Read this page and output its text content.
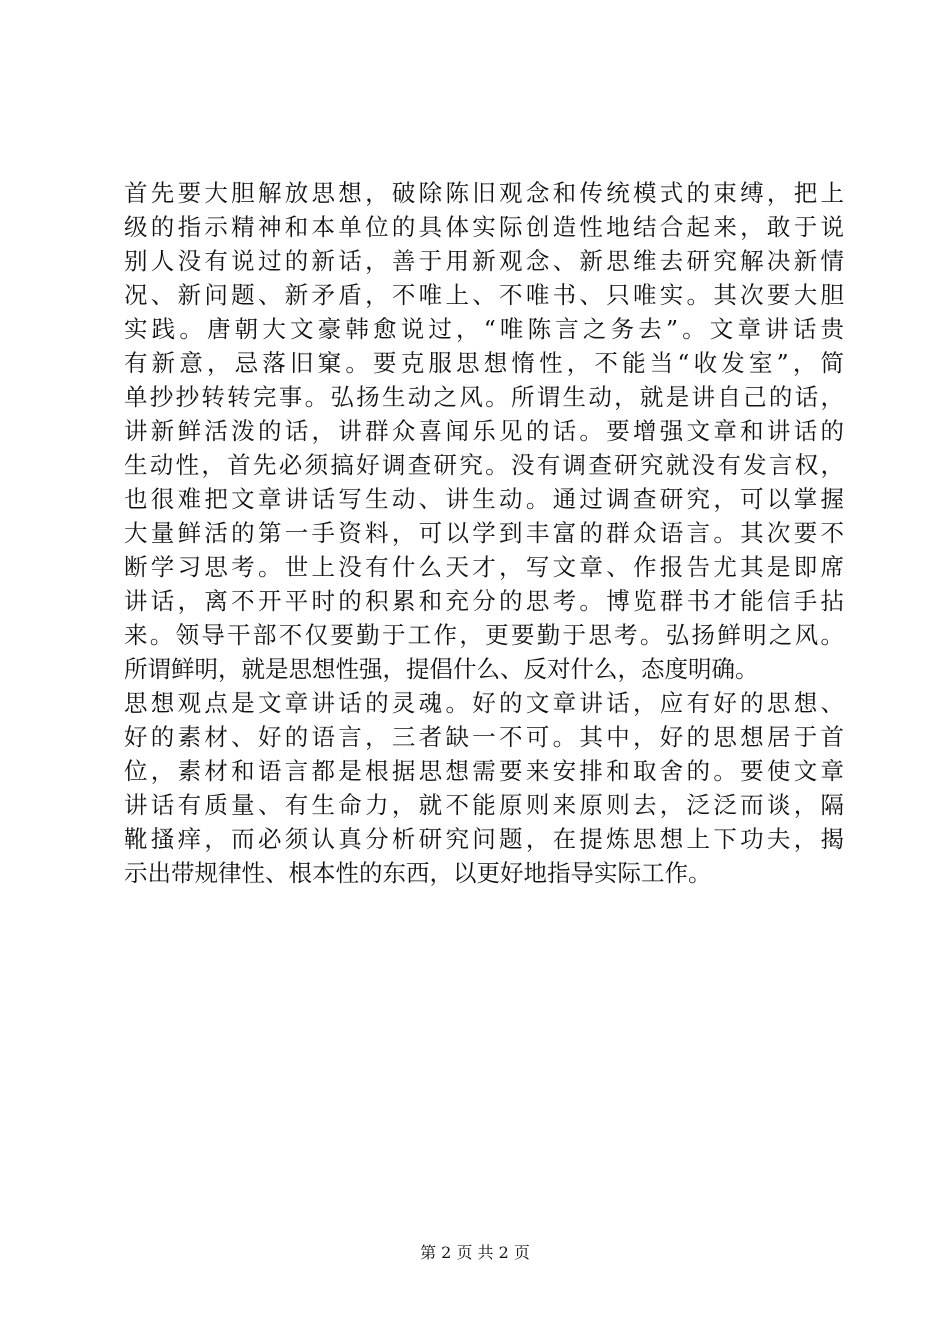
首先要大胆解放思想，破除陈旧观念和传统模式的束缚，把上
级的指示精神和本单位的具体实际创造性地结合起来，敢于说
别人没有说过的新话，善于用新观念、新思维去研究解决新情
况、新问题、新矛盾，不唯上、不唯书、只唯实。其次要大胆
实践。唐朝大文豪韩愈说过，“唯陈言之务去”。文章讲话贵
有新意，忌落旧窠。要克服思想惰性，不能当“收发室”，简
单抄抄转转完事。弘扬生动之风。所谓生动，就是讲自己的话，
讲新鲜活泼的话，讲群众喜闻乐见的话。要增强文章和讲话的
生动性，首先必须搞好调查研究。没有调查研究就没有发言权，
也很难把文章讲话写生动、讲生动。通过调查研究，可以掌握
大量鲜活的第一手资料，可以学到丰富的群众语言。其次要不
断学习思考。世上没有什么天才，写文章、作报告尤其是即席
讲话，离不开平时的积累和充分的思考。博览群书才能信手拈
来。领导干部不仅要勤于工作，更要勤于思考。弘扬鲜明之风。
所谓鲜明，就是思想性强，提倡什么、反对什么，态度明确。
思想观点是文章讲话的灵魂。好的文章讲话，应有好的思想、
好的素材、好的语言，三者缺一不可。其中，好的思想居于首
位，素材和语言都是根据思想需要来安排和取舍的。要使文章
讲话有质量、有生命力，就不能原则来原则去，泛泛而谈，隔
靴搔痒，而必须认真分析研究问题，在提炼思想上下功夫，揭
示出带规律性、根本性的东西，以更好地指导实际工作。
第 2 页 共 2 页
